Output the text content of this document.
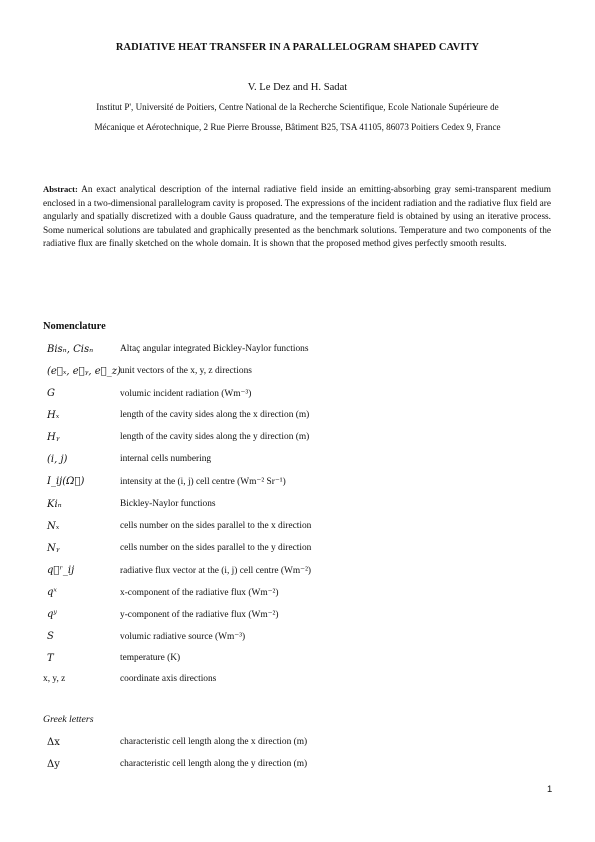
RADIATIVE HEAT TRANSFER IN A PARALLELOGRAM SHAPED CAVITY
V. Le Dez and H. Sadat
Institut P', Université de Poitiers, Centre National de la Recherche Scientifique, Ecole Nationale Supérieure de
Mécanique et Aérotechnique, 2 Rue Pierre Brousse, Bâtiment B25, TSA 41105, 86073 Poitiers Cedex 9, France
Abstract: An exact analytical description of the internal radiative field inside an emitting-absorbing gray semi-transparent medium enclosed in a two-dimensional parallelogram cavity is proposed. The expressions of the incident radiation and the radiative flux field are angularly and spatially discretized with a double Gauss quadrature, and the temperature field is obtained by using an iterative process. Some numerical solutions are tabulated and graphically presented as the benchmark solutions. Temperature and two components of the radiative flux are finally sketched on the whole domain. It is shown that the proposed method gives perfectly smooth results.
Nomenclature
Bisₙ, Cisₙ	Altaç angular integrated Bickley-Naylor functions
(e⃗ₓ, e⃗ᵧ, e⃗_z) unit vectors of the x, y, z directions
G	volumic incident radiation (Wm⁻³)
Hₓ	length of the cavity sides along the x direction (m)
Hᵧ	length of the cavity sides along the y direction (m)
(i, j)	internal cells numbering
I_ij(Ω⃗)	intensity at the (i, j) cell centre (Wm⁻² Sr⁻¹)
Kiₙ	Bickley-Naylor functions
Nₓ	cells number on the sides parallel to the x direction
Nᵧ	cells number on the sides parallel to the y direction
q⃗ʳ_ij	radiative flux vector at the (i, j) cell centre (Wm⁻²)
qˣ	x-component of the radiative flux (Wm⁻²)
qʸ	y-component of the radiative flux (Wm⁻²)
S	volumic radiative source (Wm⁻³)
T	temperature (K)
x, y, z	coordinate axis directions
Greek letters
Δx	characteristic cell length along the x direction (m)
Δy	characteristic cell length along the y direction (m)
1
